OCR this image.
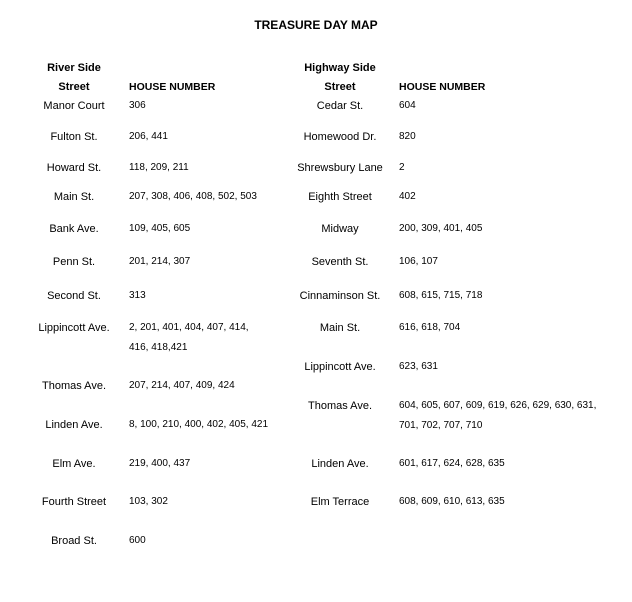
TREASURE DAY MAP
River Side
Street	HOUSE NUMBER
Highway Side
Street	HOUSE NUMBER
Manor Court 306
Fulton St.	206, 441
Howard St.	118, 209, 211
Main St.	207, 308, 406, 408, 502, 503
Bank Ave.	109, 405, 605
Penn St.	201, 214, 307
Second St.	313
Lippincott Ave. 2, 201, 401, 404, 407, 414,
416, 418,421
Thomas Ave. 207, 214, 407, 409, 424
Linden Ave.	8, 100, 210, 400, 402, 405, 421
Elm Ave.	219, 400, 437
Fourth Street 103, 302
Broad St.	600
Cedar St.	604
Homewood Dr. 820
Shrewsbury Lane 2
Eighth Street	402
Midway	200, 309, 401, 405
Seventh St.	106, 107
Cinnaminson St. 608, 615, 715, 718
Main St.	616, 618, 704
Lippincott Ave. 623, 631
Thomas Ave.	604, 605, 607, 609, 619, 626, 629, 630, 631,
701, 702, 707, 710
Linden Ave.	601, 617, 624, 628, 635
Elm Terrace	608, 609, 610, 613, 635
